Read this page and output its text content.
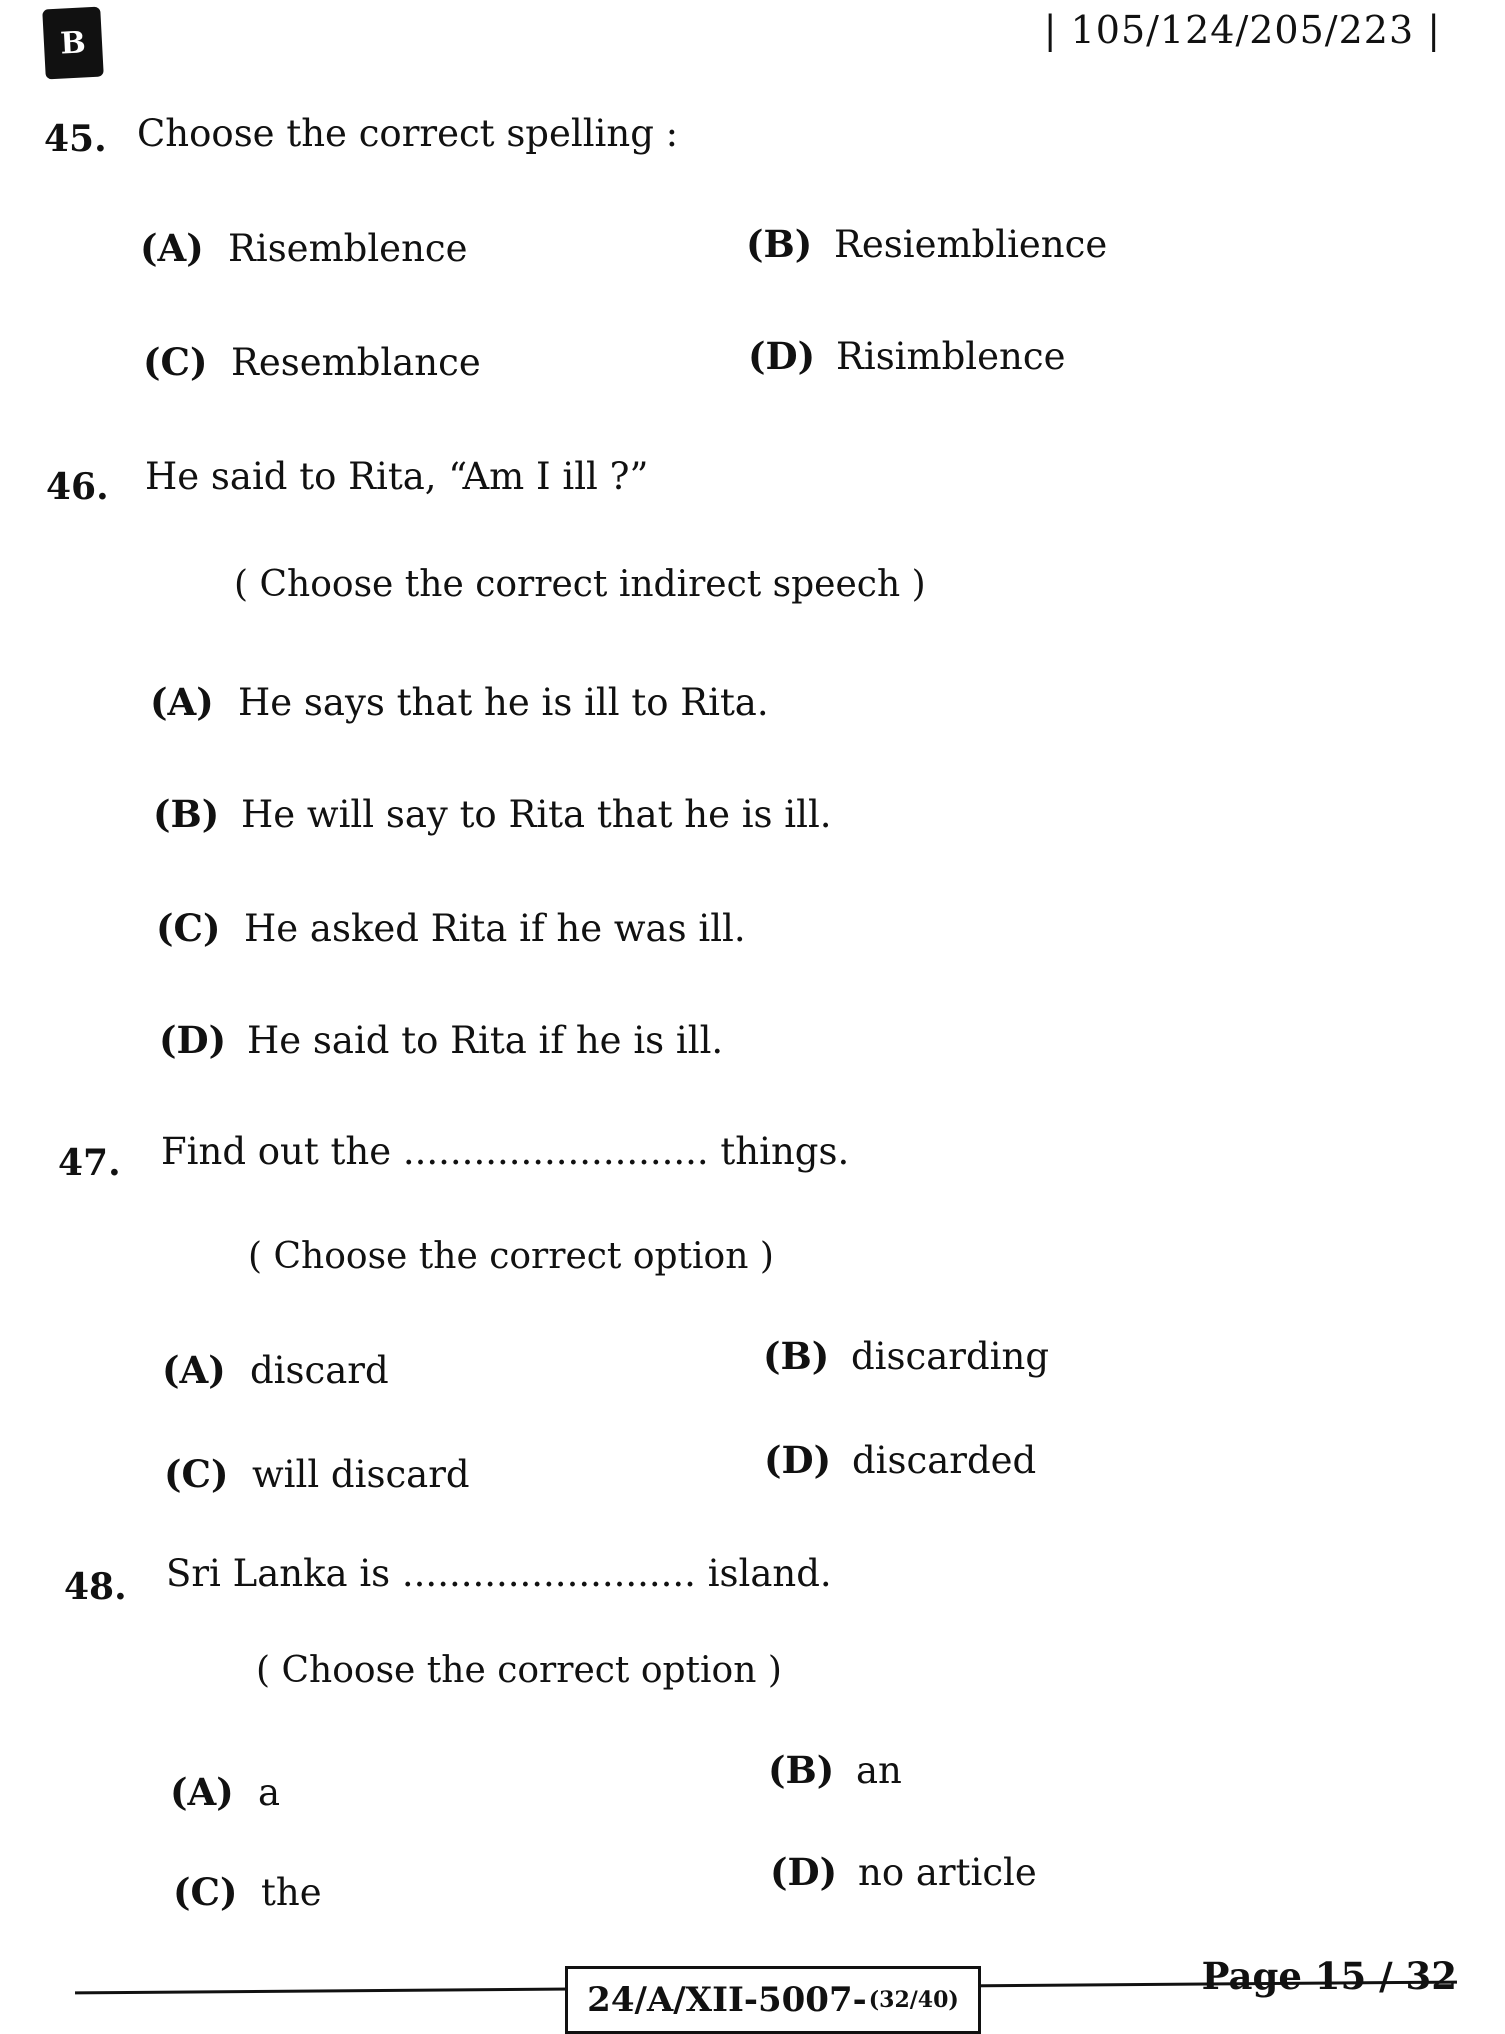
B	| 105/124/205/223 |
45. Choose the correct spelling :
(A) Risemblence	(B) Resiemblience
(C) Resemblance	(D) Risimblence
46. He said to Rita, “Am I ill ?”
( Choose the correct indirect speech )
(A) He says that he is ill to Rita.
(B) He will say to Rita that he is ill.
(C) He asked Rita if he was ill.
(D) He said to Rita if he is ill.
47. Find out the .......................... things.
( Choose the correct option )
(A) discard	(B) discarding
(C) will discard	(D) discarded
48. Sri Lanka is ......................... island.
( Choose the correct option )
(A) a
(B) an
(C) the	(D) no article
24/A/XII-5007- (32/40)
Page 15 / 32
